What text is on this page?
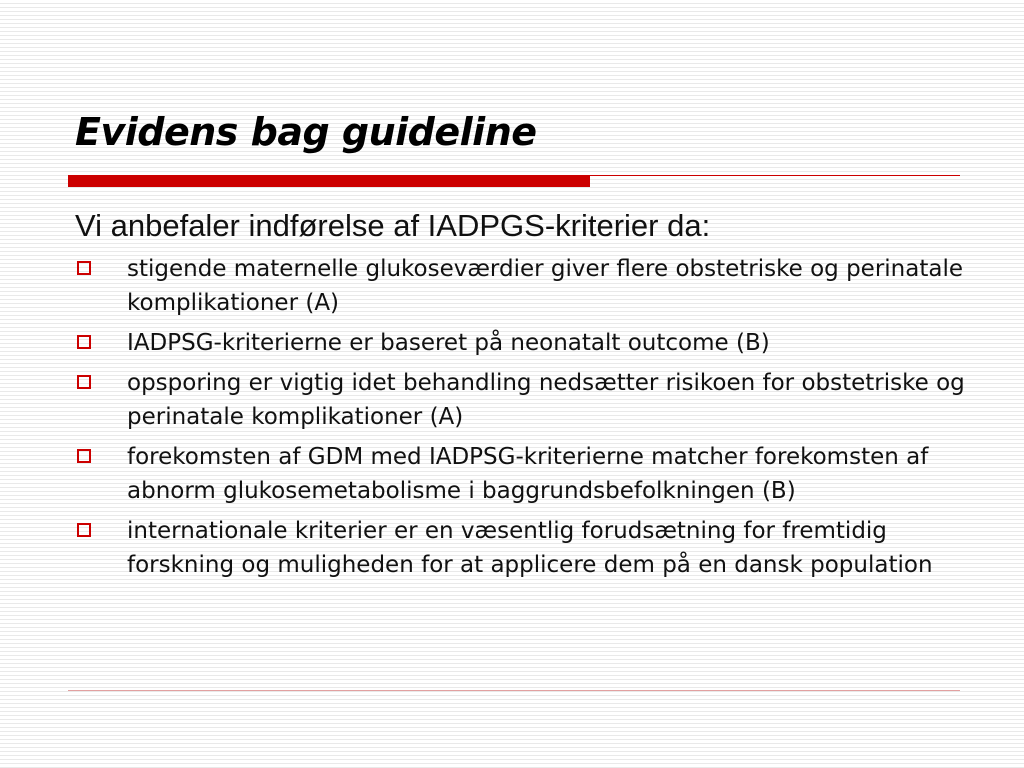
Evidens bag guideline

Vi anbefaler indførelse af IADPGS-kriterier da:

stigende maternelle glukoseværdier giver flere obstetriske og perinatale komplikationer (A)
IADPSG-kriterierne er baseret på neonatalt outcome (B)
opsporing er vigtig idet behandling nedsætter risikoen for obstetriske og perinatale komplikationer (A)
forekomsten af GDM med IADPSG-kriterierne matcher forekomsten af abnorm glukosemetabolisme i baggrundsbefolkningen (B)
internationale kriterier er en væsentlig forudsætning for fremtidig forskning og muligheden for at applicere dem på en dansk population
